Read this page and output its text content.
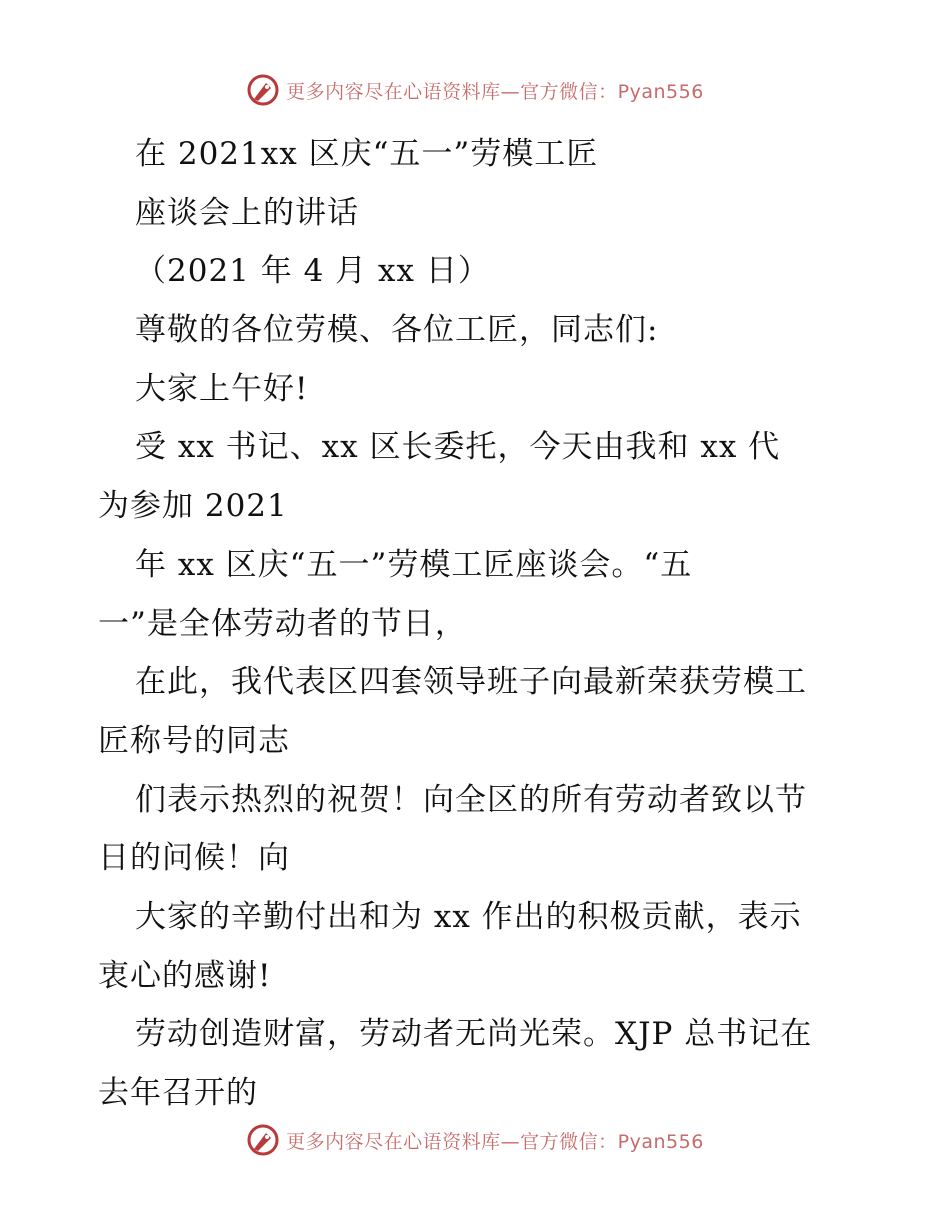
更多内容尽在心语资料库—官方微信：Pyan556
在 2021xx 区庆“五一”劳模工匠
座谈会上的讲话
（2021 年 4 月 xx 日）
尊敬的各位劳模、各位工匠，同志们:
大家上午好!
受 xx 书记、xx 区长委托，今天由我和 xx 代
为参加 2021
年 xx 区庆“五一”劳模工匠座谈会。“五
一”是全体劳动者的节日，
在此，我代表区四套领导班子向最新荣获劳模工
匠称号的同志
们表示热烈的祝贺！向全区的所有劳动者致以节
日的问候！向
大家的辛勤付出和为 xx 作出的积极贡献，表示
衷心的感谢!
劳动创造财富，劳动者无尚光荣。XJP 总书记在
去年召开的
更多内容尽在心语资料库—官方微信：Pyan556
